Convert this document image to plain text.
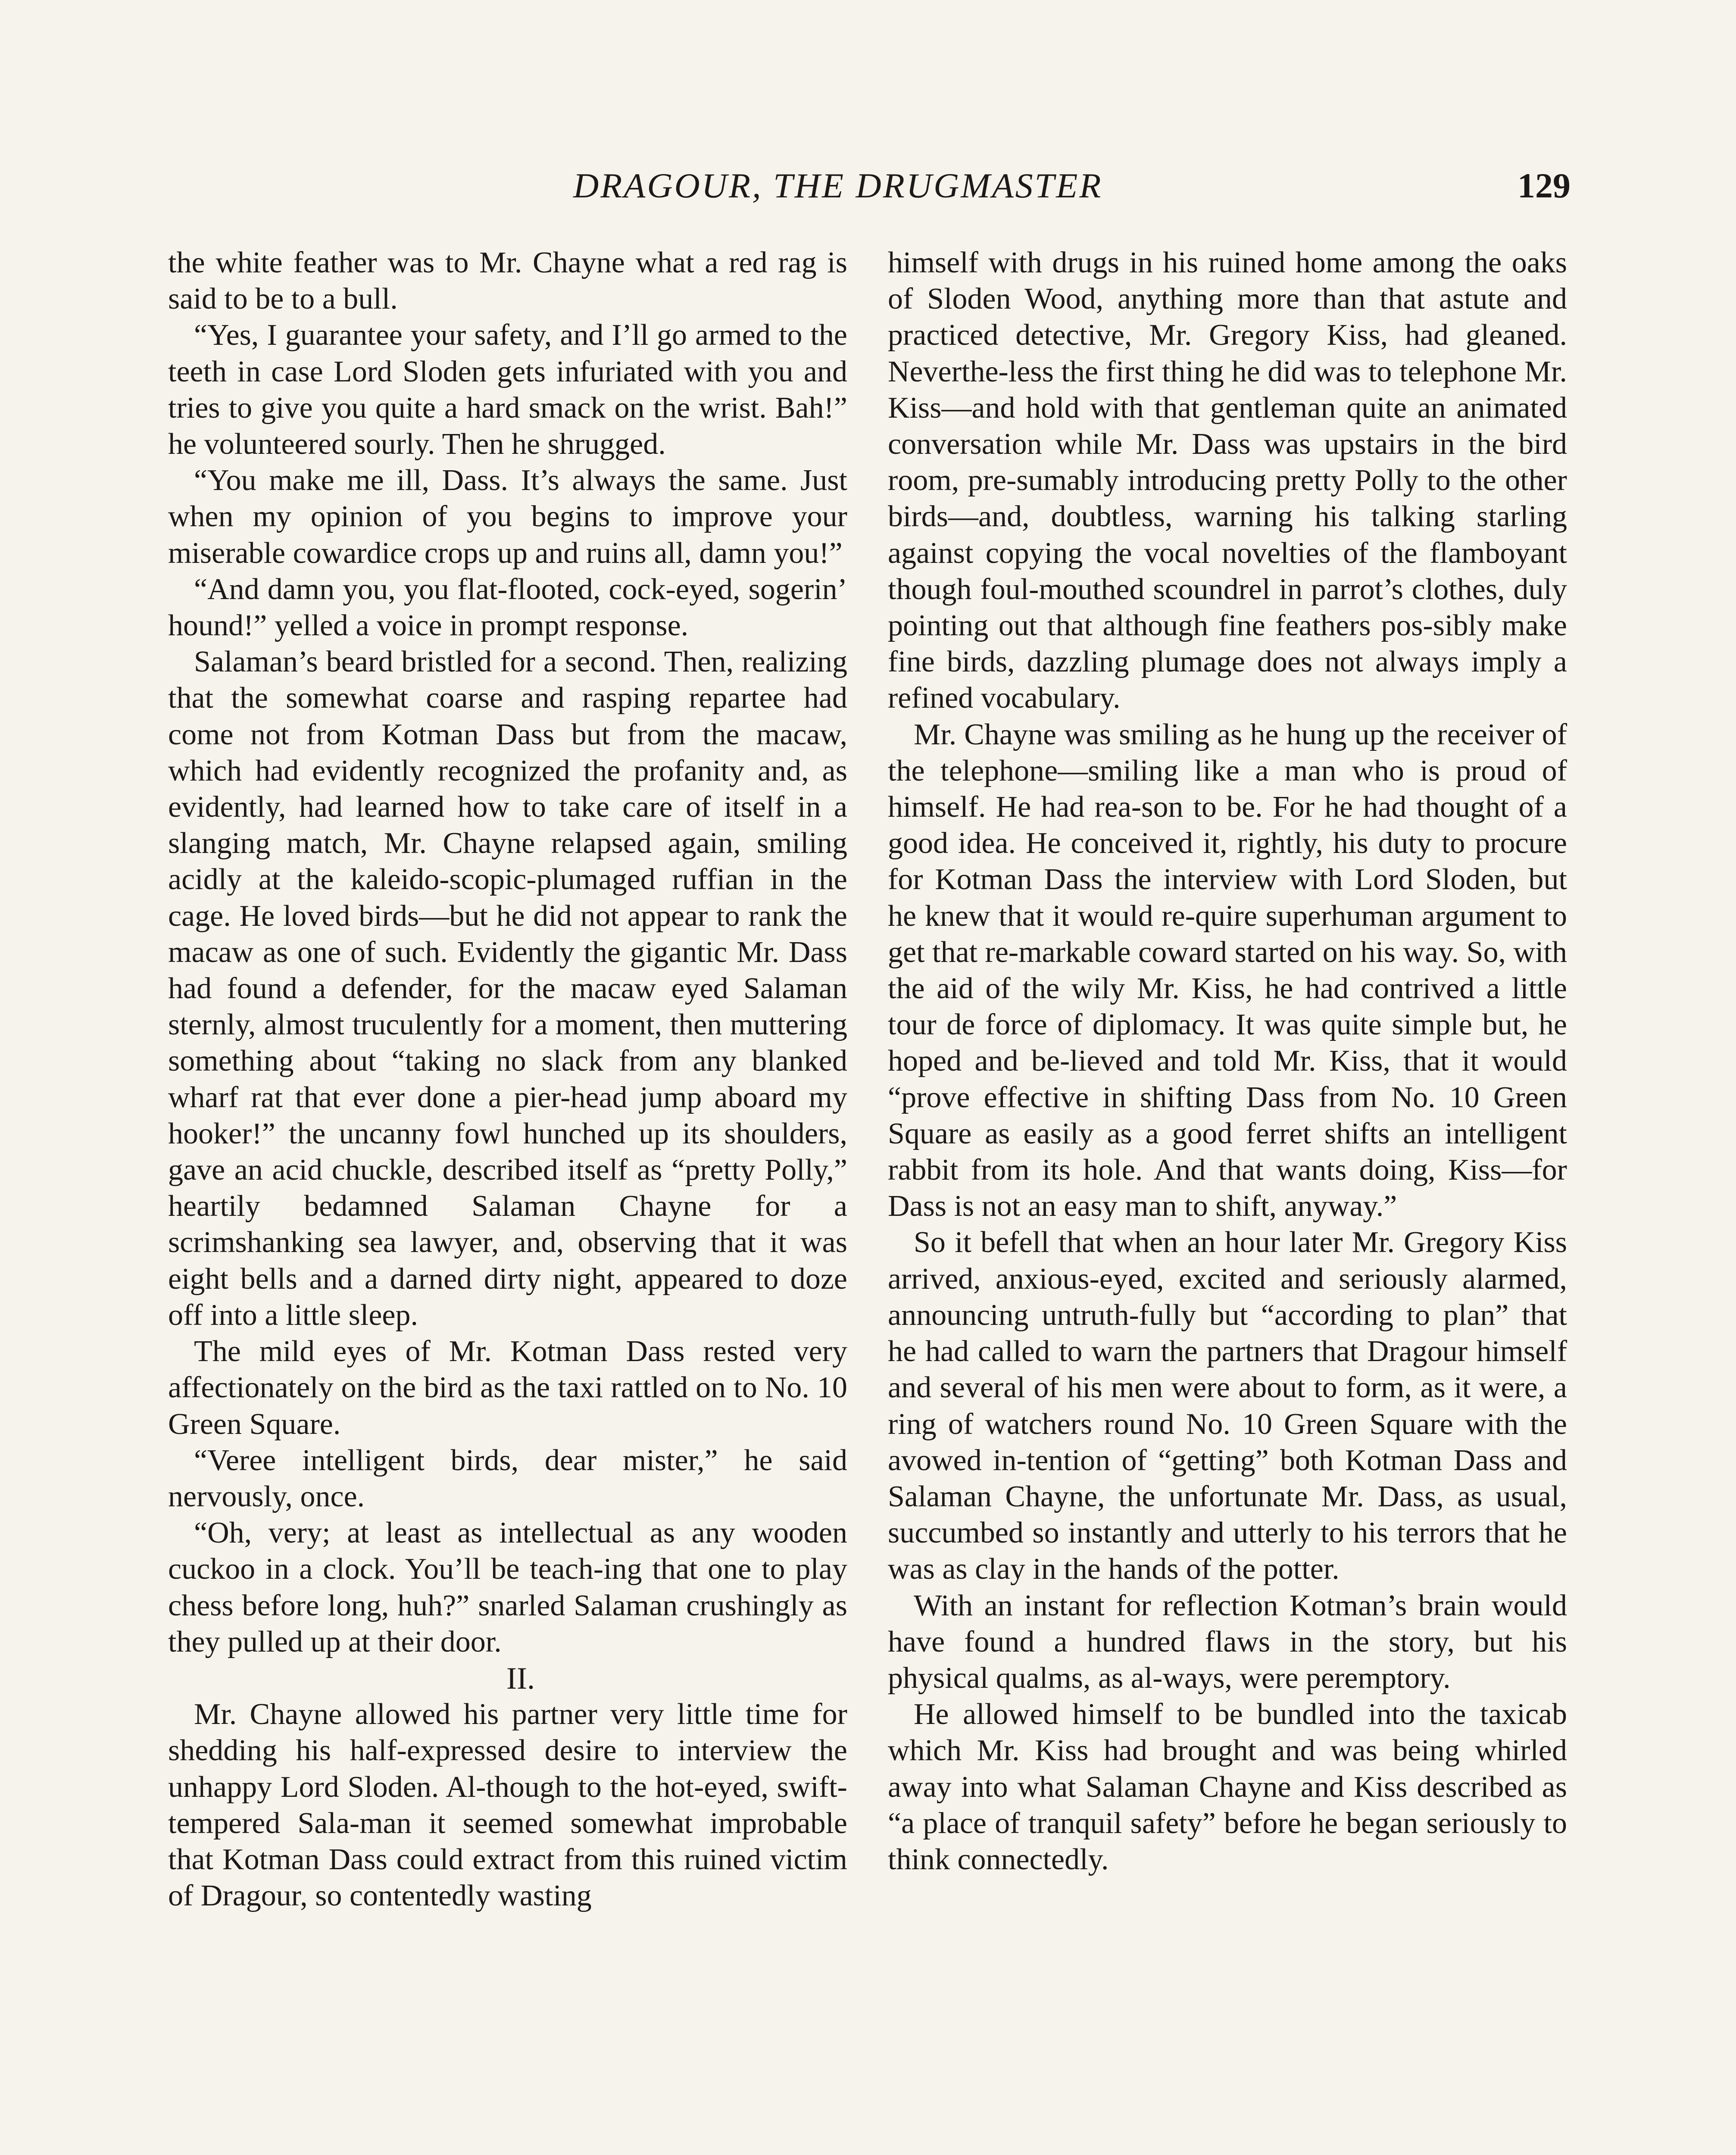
DRAGOUR, THE DRUGMASTER	129

the white feather was to Mr. Chayne what a red rag is said to be to a bull.

“Yes, I guarantee your safety, and I’ll go armed to the teeth in case Lord Sloden gets infuriated with you and tries to give you quite a hard smack on the wrist. Bah!” he volunteered sourly. Then he shrugged.

“You make me ill, Dass. It’s always the same. Just when my opinion of you begins to improve your miserable cowardice crops up and ruins all, damn you!”

“And damn you, you flat-flooted, cock-eyed, sogerin’ hound!” yelled a voice in prompt response.

Salaman’s beard bristled for a second. Then, realizing that the somewhat coarse and rasping repartee had come not from Kotman Dass but from the macaw, which had evidently recognized the profanity and, as evidently, had learned how to take care of itself in a slanging match, Mr. Chayne relapsed again, smiling acidly at the kaleido-scopic-plumaged ruffian in the cage. He loved birds—but he did not appear to rank the macaw as one of such. Evidently the gigantic Mr. Dass had found a defender, for the macaw eyed Salaman sternly, almost truculently for a moment, then muttering something about “taking no slack from any blanked wharf rat that ever done a pier-head jump aboard my hooker!” the uncanny fowl hunched up its shoulders, gave an acid chuckle, described itself as “pretty Polly,” heartily bedamned Salaman Chayne for a scrimshanking sea lawyer, and, observing that it was eight bells and a darned dirty night, appeared to doze off into a little sleep.

The mild eyes of Mr. Kotman Dass rested very affectionately on the bird as the taxi rattled on to No. 10 Green Square.

“Veree intelligent birds, dear mister,” he said nervously, once.

“Oh, very; at least as intellectual as any wooden cuckoo in a clock. You’ll be teach-ing that one to play chess before long, huh?” snarled Salaman crushingly as they pulled up at their door.

II.

Mr. Chayne allowed his partner very little time for shedding his half-expressed desire to interview the unhappy Lord Sloden. Al-though to the hot-eyed, swift-tempered Sala-man it seemed somewhat improbable that Kotman Dass could extract from this ruined victim of Dragour, so contentedly wasting

himself with drugs in his ruined home among the oaks of Sloden Wood, anything more than that astute and practiced detective, Mr. Gregory Kiss, had gleaned. Neverthe-less the first thing he did was to telephone Mr. Kiss—and hold with that gentleman quite an animated conversation while Mr. Dass was upstairs in the bird room, pre-sumably introducing pretty Polly to the other birds—and, doubtless, warning his talking starling against copying the vocal novelties of the flamboyant though foul-mouthed scoundrel in parrot’s clothes, duly pointing out that although fine feathers pos-sibly make fine birds, dazzling plumage does not always imply a refined vocabulary.

Mr. Chayne was smiling as he hung up the receiver of the telephone—smiling like a man who is proud of himself. He had rea-son to be. For he had thought of a good idea. He conceived it, rightly, his duty to procure for Kotman Dass the interview with Lord Sloden, but he knew that it would re-quire superhuman argument to get that re-markable coward started on his way. So, with the aid of the wily Mr. Kiss, he had contrived a little tour de force of diplomacy. It was quite simple but, he hoped and be-lieved and told Mr. Kiss, that it would “prove effective in shifting Dass from No. 10 Green Square as easily as a good ferret shifts an intelligent rabbit from its hole. And that wants doing, Kiss—for Dass is not an easy man to shift, anyway.”

So it befell that when an hour later Mr. Gregory Kiss arrived, anxious-eyed, excited and seriously alarmed, announcing untruth-fully but “according to plan” that he had called to warn the partners that Dragour himself and several of his men were about to form, as it were, a ring of watchers round No. 10 Green Square with the avowed in-tention of “getting” both Kotman Dass and Salaman Chayne, the unfortunate Mr. Dass, as usual, succumbed so instantly and utterly to his terrors that he was as clay in the hands of the potter.

With an instant for reflection Kotman’s brain would have found a hundred flaws in the story, but his physical qualms, as al-ways, were peremptory.

He allowed himself to be bundled into the taxicab which Mr. Kiss had brought and was being whirled away into what Salaman Chayne and Kiss described as “a place of tranquil safety” before he began seriously to think connectedly.
